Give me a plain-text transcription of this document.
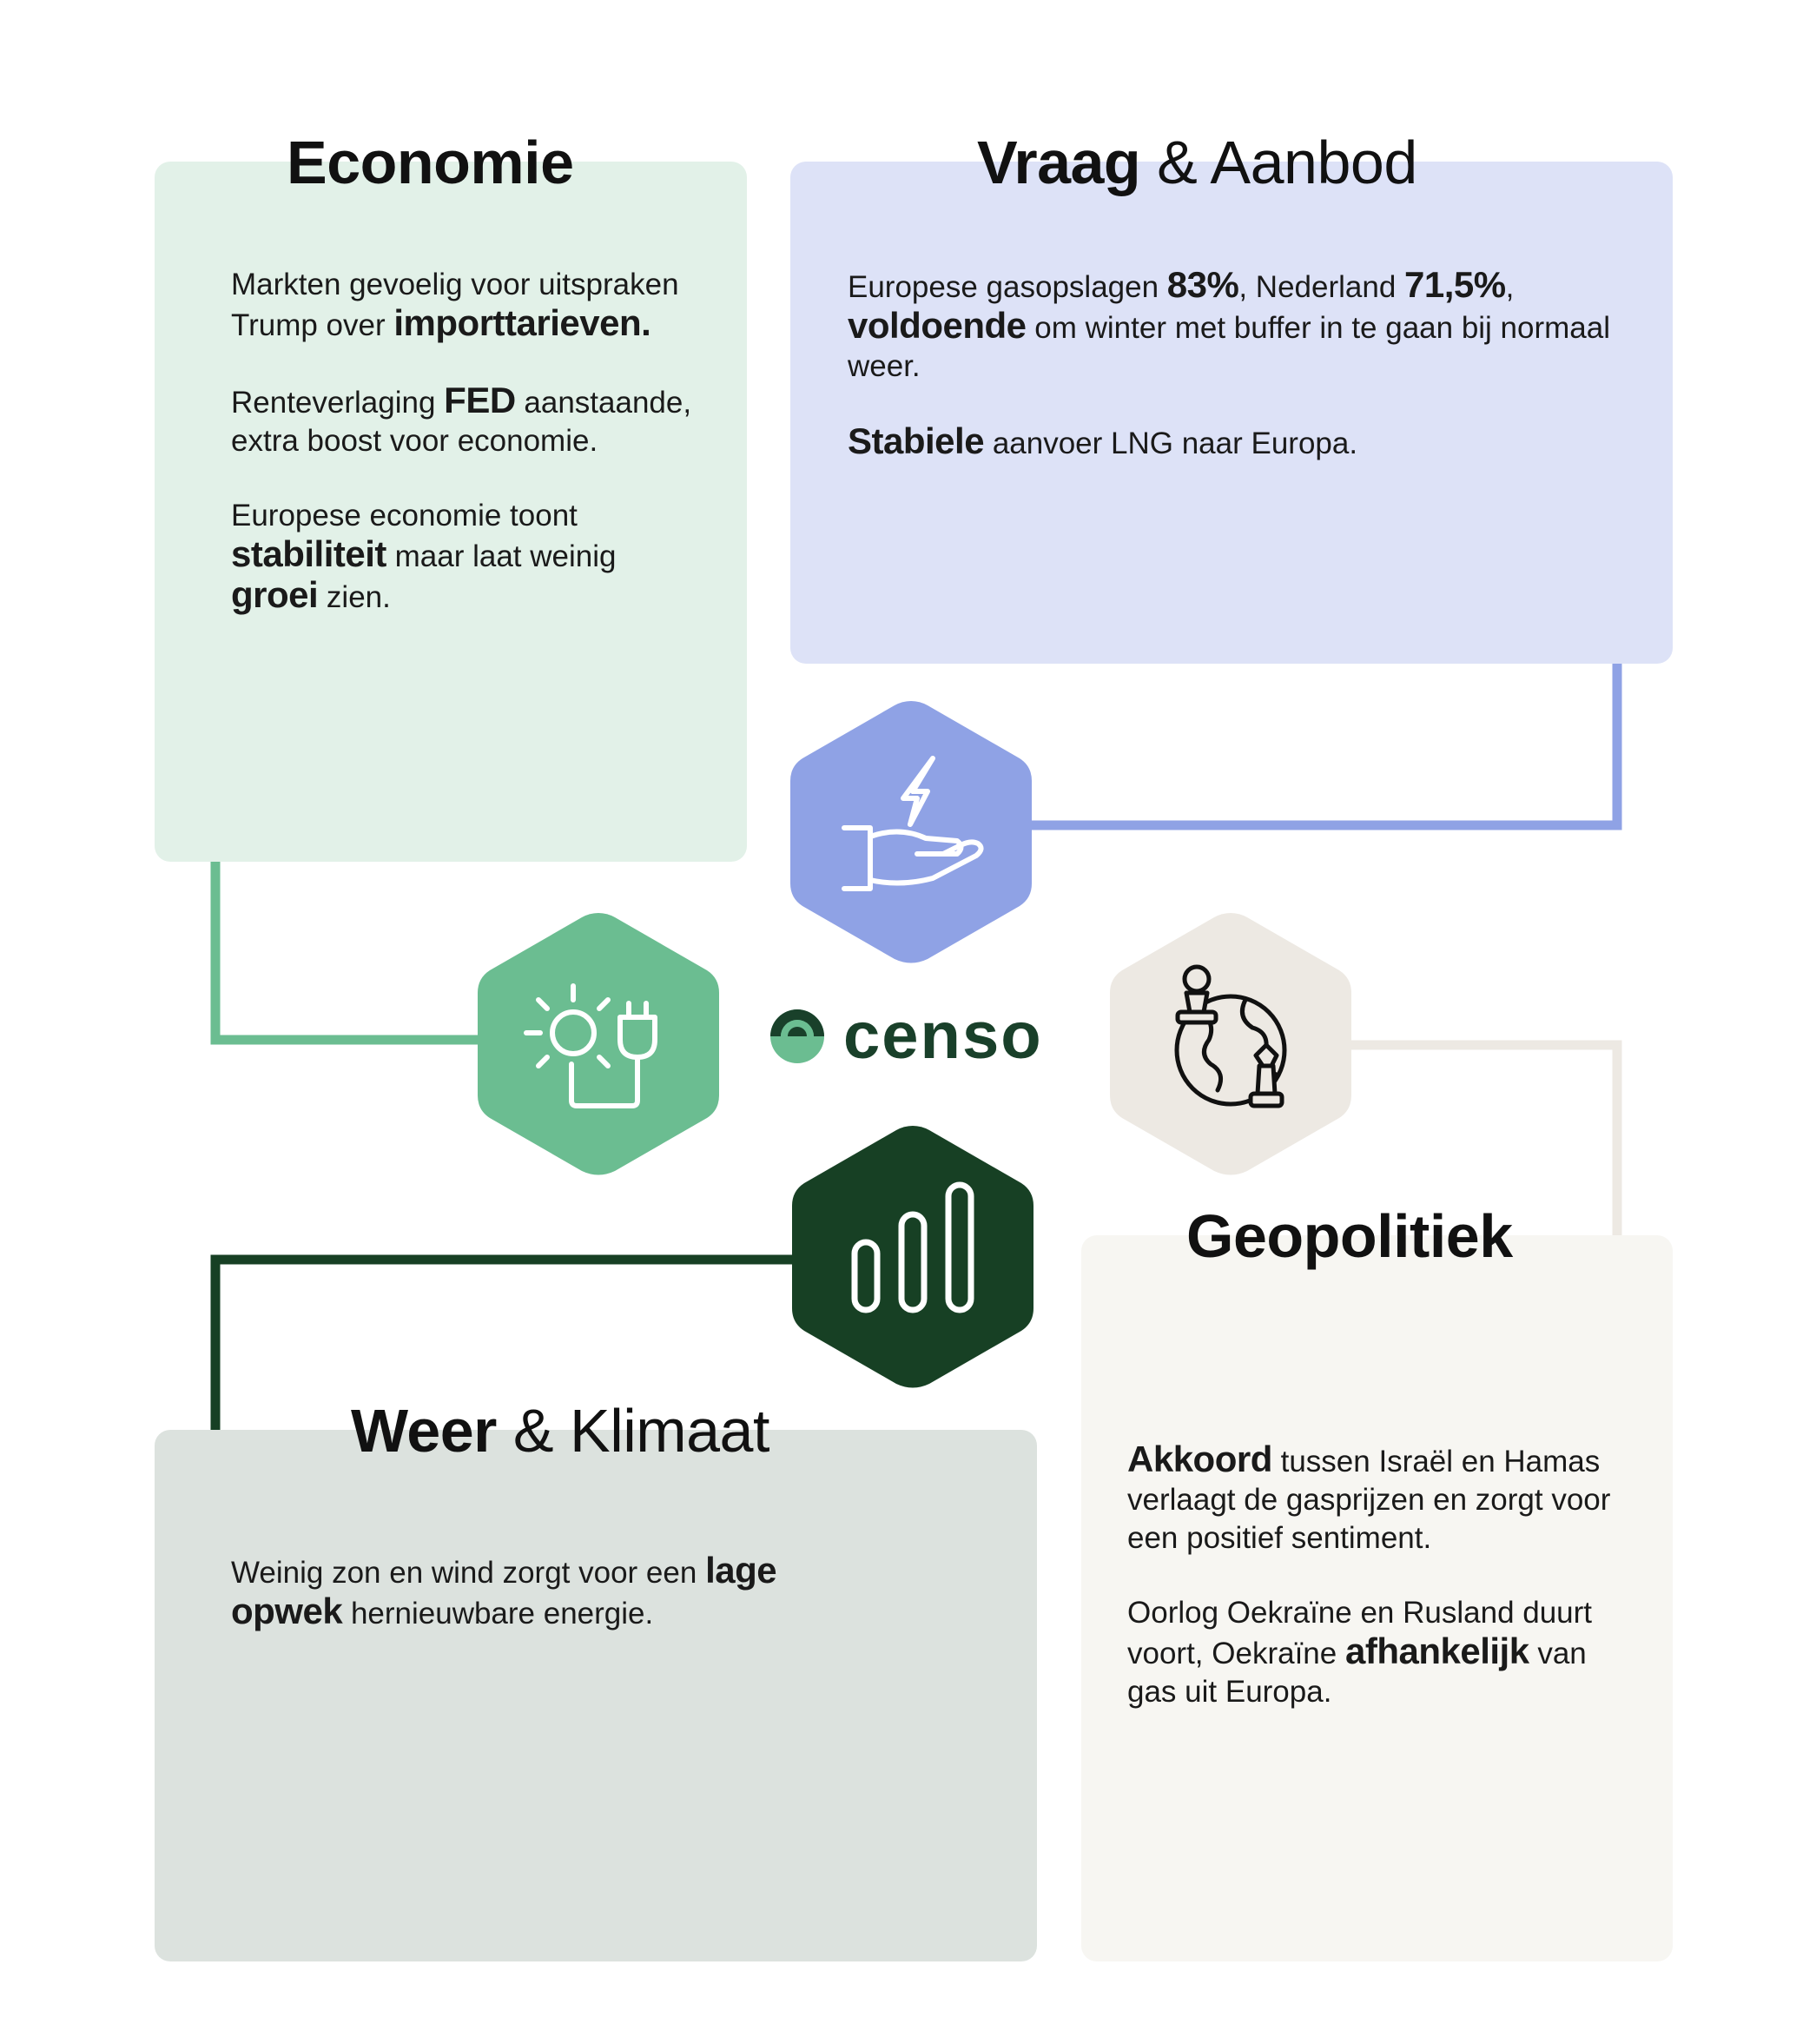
Economie

Markten gevoelig voor uitspraken Trump over importtarieven.

Renteverlaging FED aanstaande, extra boost voor economie.

Europese economie toont stabiliteit maar laat weinig groei zien.

Vraag & Aanbod

Europese gasopslagen 83%, Nederland 71,5%, voldoende om winter met buffer in te gaan bij normaal weer.

Stabiele aanvoer LNG naar Europa.

Weer & Klimaat

Weinig zon en wind zorgt voor een lage opwek hernieuwbare energie.

Geopolitiek

Akkoord tussen Israël en Hamas verlaagt de gasprijzen en zorgt voor een positief sentiment.

Oorlog Oekraïne en Rusland duurt voort, Oekraïne afhankelijk van gas uit Europa.

censo
